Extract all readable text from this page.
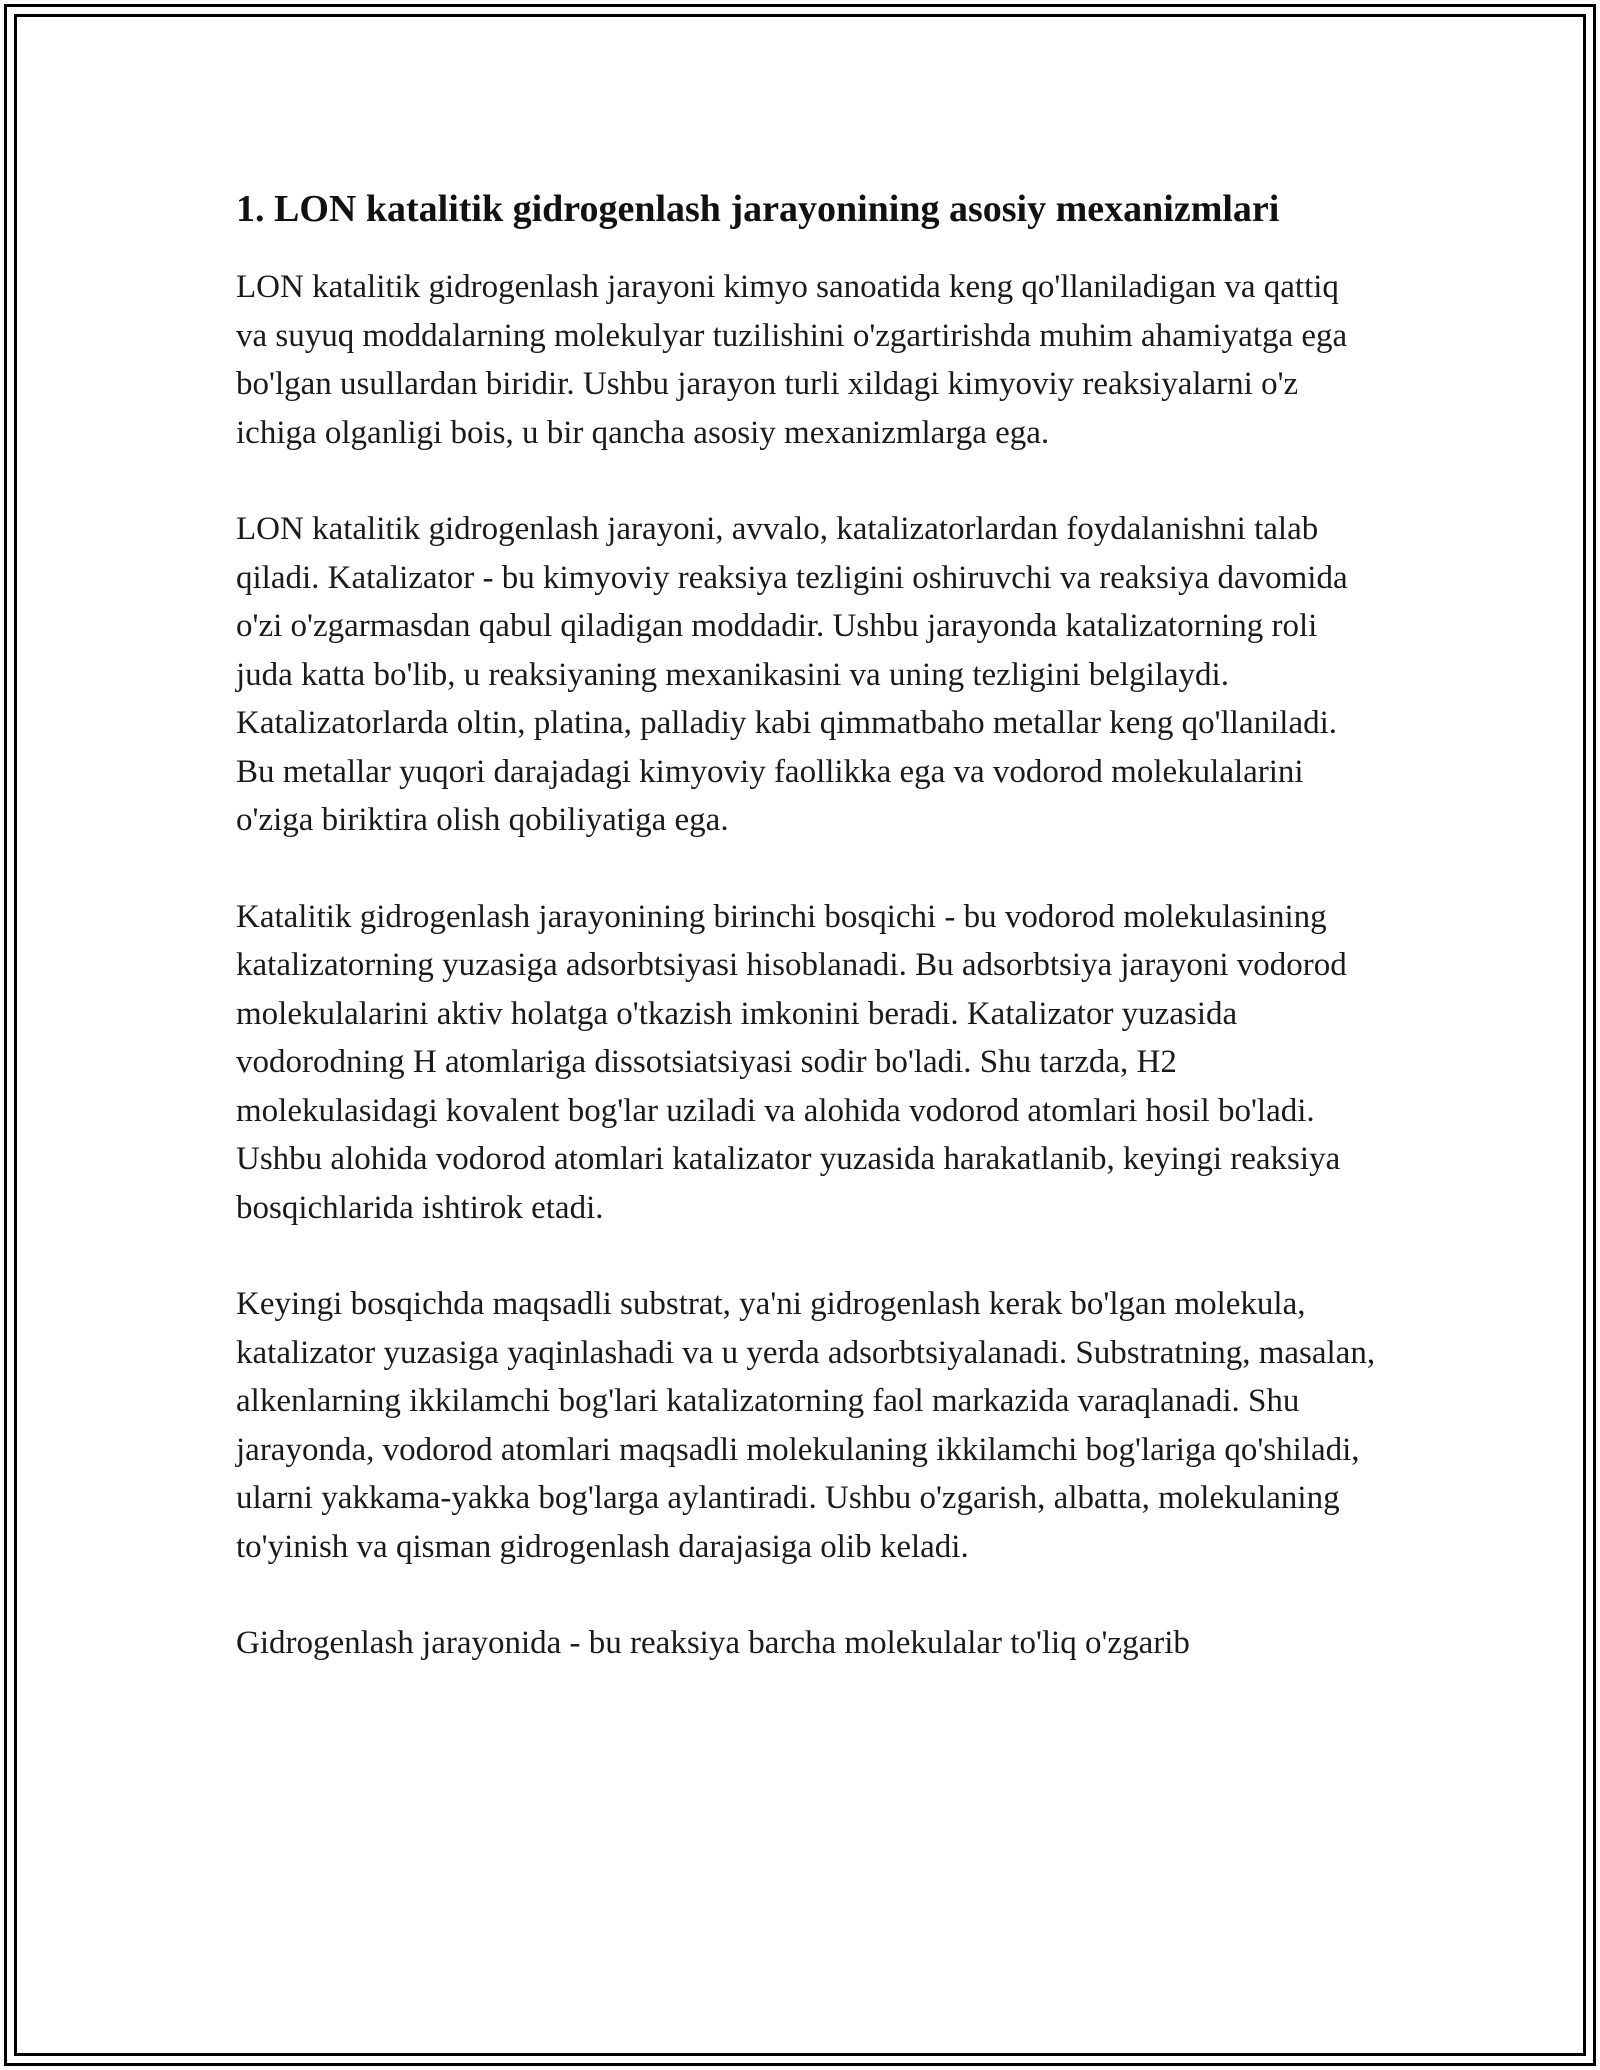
1. LON katalitik gidrogenlash jarayonining asosiy mexanizmlari

LON katalitik gidrogenlash jarayoni kimyo sanoatida keng qo'llaniladigan va qattiq va suyuq moddalarning molekulyar tuzilishini o'zgartirishda muhim ahamiyatga ega bo'lgan usullardan biridir. Ushbu jarayon turli xildagi kimyoviy reaksiyalarni o'z ichiga olganligi bois, u bir qancha asosiy mexanizmlarga ega.

LON katalitik gidrogenlash jarayoni, avvalo, katalizatorlardan foydalanishni talab qiladi. Katalizator - bu kimyoviy reaksiya tezligini oshiruvchi va reaksiya davomida o'zi o'zgarmasdan qabul qiladigan moddadir. Ushbu jarayonda katalizatorning roli juda katta bo'lib, u reaksiyaning mexanikasini va uning tezligini belgilaydi. Katalizatorlarda oltin, platina, palladiy kabi qimmatbaho metallar keng qo'llaniladi. Bu metallar yuqori darajadagi kimyoviy faollikka ega va vodorod molekulalarini o'ziga biriktira olish qobiliyatiga ega.

Katalitik gidrogenlash jarayonining birinchi bosqichi - bu vodorod molekulasining katalizatorning yuzasiga adsorbtsiyasi hisoblanadi. Bu adsorbtsiya jarayoni vodorod molekulalarini aktiv holatga o'tkazish imkonini beradi. Katalizator yuzasida vodorodning H atomlariga dissotsiatsiyasi sodir bo'ladi. Shu tarzda, H2 molekulasidagi kovalent bog'lar uziladi va alohida vodorod atomlari hosil bo'ladi. Ushbu alohida vodorod atomlari katalizator yuzasida harakatlanib, keyingi reaksiya bosqichlarida ishtirok etadi.

Keyingi bosqichda maqsadli substrat, ya'ni gidrogenlash kerak bo'lgan molekula, katalizator yuzasiga yaqinlashadi va u yerda adsorbtsiyalanadi. Substratning, masalan, alkenlarning ikkilamchi bog'lari katalizatorning faol markazida varaqlanadi. Shu jarayonda, vodorod atomlari maqsadli molekulaning ikkilamchi bog'lariga qo'shiladi, ularni yakkama-yakka bog'larga aylantiradi. Ushbu o'zgarish, albatta, molekulaning to'yinish va qisman gidrogenlash darajasiga olib keladi.

Gidrogenlash jarayonida - bu reaksiya barcha molekulalar to'liq o'zgarib
